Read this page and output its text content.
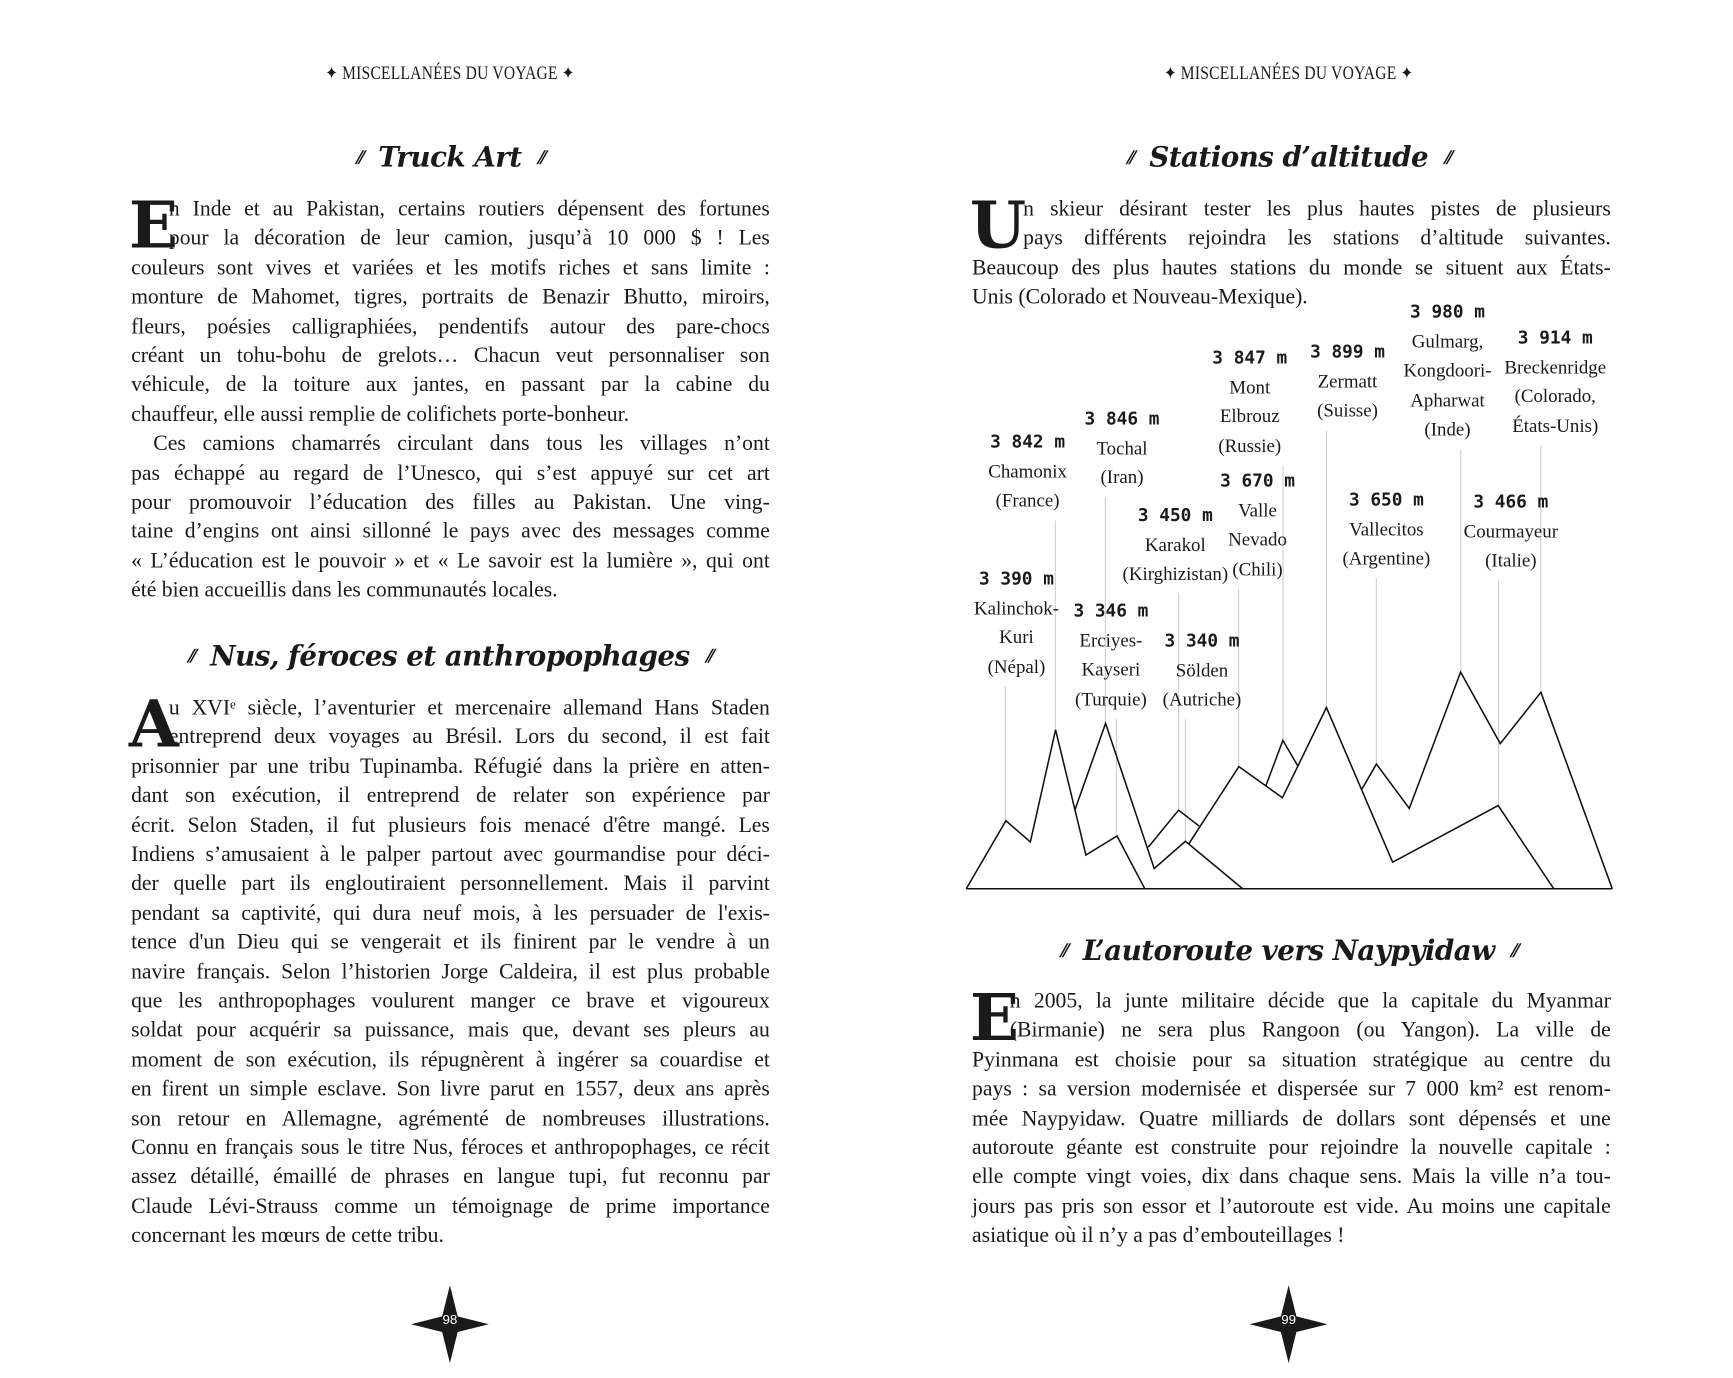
✦ MISCELLANÉES DU VOYAGE ✦	✦ MISCELLANÉES DU VOYAGE ✦
⫽ Truck Art ⫽
E
n Inde et au Pakistan, certains routiers dépensent des fortunes
pour la décoration de leur camion, jusqu’à 10 000 $ ! Les
couleurs sont vives et variées et les motifs riches et sans limite :
monture de Mahomet, tigres, portraits de Benazir Bhutto, miroirs,
fleurs, poésies calligraphiées, pendentifs autour des pare-chocs
créant un tohu-bohu de grelots… Chacun veut personnaliser son
véhicule, de la toiture aux jantes, en passant par la cabine du
chauffeur, elle aussi remplie de colifichets porte-bonheur.
Ces camions chamarrés circulant dans tous les villages n’ont
pas échappé au regard de l’Unesco, qui s’est appuyé sur cet art
pour promouvoir l’éducation des filles au Pakistan. Une ving-
taine d’engins ont ainsi sillonné le pays avec des messages comme
« L’éducation est le pouvoir » et « Le savoir est la lumière », qui ont
été bien accueillis dans les communautés locales.
⫽ Nus, féroces et anthropophages ⫽
A
u XVIᵉ siècle, l’aventurier et mercenaire allemand Hans Staden
entreprend deux voyages au Brésil. Lors du second, il est fait
prisonnier par une tribu Tupinamba. Réfugié dans la prière en atten-
dant son exécution, il entreprend de relater son expérience par
écrit. Selon Staden, il fut plusieurs fois menacé d'être mangé. Les
Indiens s’amusaient à le palper partout avec gourmandise pour déci-
der quelle part ils engloutiraient personnellement. Mais il parvint
pendant sa captivité, qui dura neuf mois, à les persuader de l'exis-
tence d'un Dieu qui se vengerait et ils finirent par le vendre à un
navire français. Selon l’historien Jorge Caldeira, il est plus probable
que les anthropophages voulurent manger ce brave et vigoureux
soldat pour acquérir sa puissance, mais que, devant ses pleurs au
moment de son exécution, ils répugnèrent à ingérer sa couardise et
en firent un simple esclave. Son livre parut en 1557, deux ans après
son retour en Allemagne, agrémenté de nombreuses illustrations.
Connu en français sous le titre Nus, féroces et anthropophages, ce récit
assez détaillé, émaillé de phrases en langue tupi, fut reconnu par
Claude Lévi-Strauss comme un témoignage de prime importance
concernant les mœurs de cette tribu.
⫽ Stations d’altitude ⫽
U
n skieur désirant tester les plus hautes pistes de plusieurs
pays différents rejoindra les stations d’altitude suivantes.
Beaucoup des plus hautes stations du monde se situent aux États-
Unis (Colorado et Nouveau-Mexique).
⫽ L’autoroute vers Naypyidaw ⫽
E
n 2005, la junte militaire décide que la capitale du Myanmar
(Birmanie) ne sera plus Rangoon (ou Yangon). La ville de
Pyinmana est choisie pour sa situation stratégique au centre du
pays : sa version modernisée et dispersée sur 7 000 km² est renom-
mée Naypyidaw. Quatre milliards de dollars sont dépensés et une
autoroute géante est construite pour rejoindre la nouvelle capitale :
elle compte vingt voies, dix dans chaque sens. Mais la ville n’a tou-
jours pas pris son essor et l’autoroute est vide. Au moins une capitale
asiatique où il n’y a pas d’embouteillages !
3 390 m
Kalinchok-
Kuri
(Népal)
3 842 m
Chamonix
(France)
3 846 m
Tochal
(Iran)
3 346 m
Erciyes-
Kayseri
(Turquie)
3 450 m
Karakol
(Kirghizistan)
3 340 m
Sölden
(Autriche)
3 670 m
Valle
Nevado
(Chili)
3 847 m
Mont
Elbrouz
(Russie)
3 899 m
Zermatt
(Suisse)
3 650 m
Vallecitos
(Argentine)
3 980 m
Gulmarg,
Kongdoori-
Apharwat
(Inde)
3 466 m
Courmayeur
(Italie)
3 914 m
Breckenridge
(Colorado,
États-Unis)
98	99
